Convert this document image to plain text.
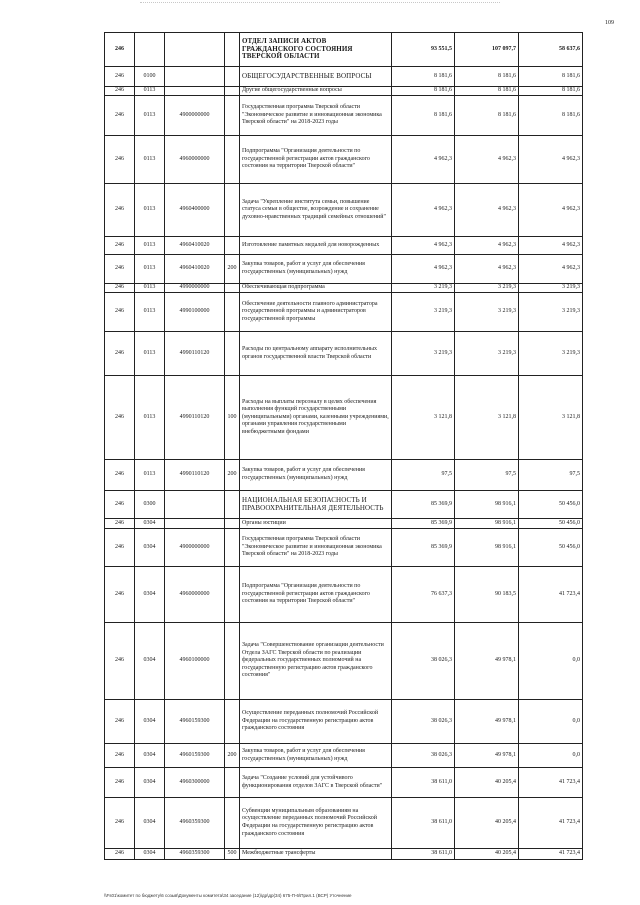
109
246				ОТДЕЛ ЗАПИСИ АКТОВ ГРАЖДАНСКОГО СОСТОЯНИЯ ТВЕРСКОЙ ОБЛАСТИ	93 551,5	107 097,7	58 637,6
246	0100			ОБЩЕГОСУДАРСТВЕННЫЕ ВОПРОСЫ	8 181,6	8 181,6	8 181,6
246	0113			Другие общегосударственные вопросы	8 181,6	8 181,6	8 181,6
246	0113	4900000000		Государственная программа Тверской области "Экономическое развитие и инновационная экономика Тверской области" на 2018-2023 годы	8 181,6	8 181,6	8 181,6
246	0113	4960000000		Подпрограмма "Организация деятельности по государственной регистрации актов гражданского состояния на территории Тверской области"	4 962,3	4 962,3	4 962,3
246	0113	4960400000		Задача "Укрепление института семьи, повышение статуса семьи в обществе, возрождение и сохранение духовно-нравственных традиций семейных отношений"	4 962,3	4 962,3	4 962,3
246	0113	4960410020		Изготовление памятных медалей для новорожденных	4 962,3	4 962,3	4 962,3
246	0113	4960410020	200	Закупка товаров, работ и услуг для обеспечения государственных (муниципальных) нужд	4 962,3	4 962,3	4 962,3
246	0113	4990000000		Обеспечивающая подпрограмма	3 219,3	3 219,3	3 219,3
246	0113	4990100000		Обеспечение деятельности главного администратора государственной программы и администраторов государственной программы	3 219,3	3 219,3	3 219,3
246	0113	4990110120		Расходы по центральному аппарату исполнительных органов государственной власти Тверской области	3 219,3	3 219,3	3 219,3
246	0113	4990110120	100	Расходы на выплаты персоналу в целях обеспечения выполнения функций государственными (муниципальными) органами, казенными учреждениями, органами управления государственными внебюджетными фондами	3 121,8	3 121,8	3 121,8
246	0113	4990110120	200	Закупка товаров, работ и услуг для обеспечения государственных (муниципальных) нужд	97,5	97,5	97,5
246	0300			НАЦИОНАЛЬНАЯ БЕЗОПАСНОСТЬ И ПРАВООХРАНИТЕЛЬНАЯ ДЕЯТЕЛЬНОСТЬ	85 369,9	98 916,1	50 456,0
246	0304			Органы юстиции	85 369,9	98 916,1	50 456,0
246	0304	4900000000		Государственная программа Тверской области "Экономическое развитие и инновационная экономика Тверской области" на 2018-2023 годы	85 369,9	98 916,1	50 456,0
246	0304	4960000000		Подпрограмма "Организация деятельности по государственной регистрации актов гражданского состояния на территории Тверской области"	76 637,3	90 183,5	41 723,4
246	0304	4960100000		Задача "Совершенствование организации деятельности Отдела ЗАГС Тверской области по реализации федеральных государственных полномочий на государственную регистрацию актов гражданского состояния"	38 026,3	49 978,1	0,0
246	0304	4960159300		Осуществление переданных полномочий Российской Федерации на государственную регистрацию актов гражданского состояния	38 026,3	49 978,1	0,0
246	0304	4960159300	200	Закупка товаров, работ и услуг для обеспечения государственных (муниципальных) нужд	38 026,3	49 978,1	0,0
246	0304	4960300000		Задача "Создание условий для устойчивого функционирования отделов ЗАГС в Тверской области"	38 611,0	40 205,4	41 723,4
246	0304	4960359300		Субвенции муниципальным образованиям на осуществление переданных полномочий Российской Федерации на государственную регистрацию актов гражданского состояния	38 611,0	40 205,4	41 723,4
246	0304	4960359300	500	Межбюджетные трансферты	38 611,0	40 205,4	41 723,4
\\Fs01\комитет по бюджету\6 созыв\Документы комитета\34 заседание (12)\др\др(34) 675-П-6\Прил.1 (ВСР) Уточнение
